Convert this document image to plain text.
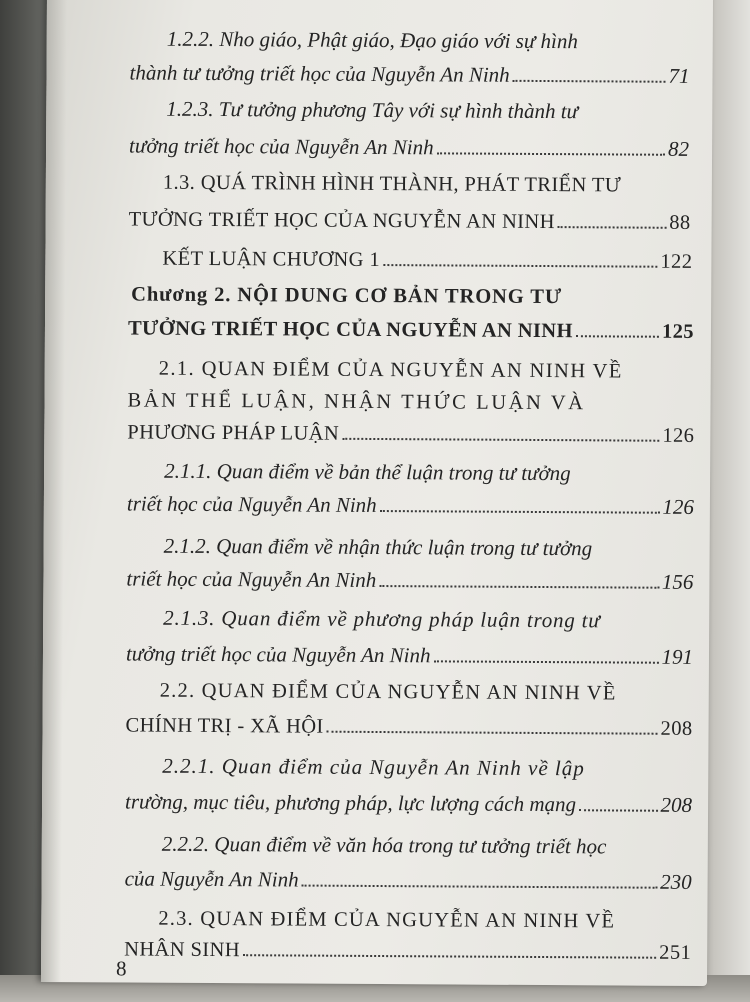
1.2.2. Nho giáo, Phật giáo, Đạo giáo với sự hình
thành tư tưởng triết học của Nguyễn An Ninh	71
1.2.3. Tư tưởng phương Tây với sự hình thành tư
tưởng triết học của Nguyễn An Ninh	82
1.3. QUÁ TRÌNH HÌNH THÀNH, PHÁT TRIỂN TƯ
TƯỞNG TRIẾT HỌC CỦA NGUYỄN AN NINH	88
KẾT LUẬN CHƯƠNG 1	122
Chương 2. NỘI DUNG CƠ BẢN TRONG TƯ
TƯỞNG TRIẾT HỌC CỦA NGUYỄN AN NINH	125
2.1. QUAN ĐIỂM CỦA NGUYỄN AN NINH VỀ
BẢN THỂ LUẬN, NHẬN THỨC LUẬN VÀ
PHƯƠNG PHÁP LUẬN	126
2.1.1. Quan điểm về bản thể luận trong tư tưởng
triết học của Nguyễn An Ninh	126
2.1.2. Quan điểm về nhận thức luận trong tư tưởng
triết học của Nguyễn An Ninh	156
2.1.3. Quan điểm về phương pháp luận trong tư
tưởng triết học của Nguyễn An Ninh	191
2.2. QUAN ĐIỂM CỦA NGUYỄN AN NINH VỀ
CHÍNH TRỊ - XÃ HỘI	208
2.2.1. Quan điểm của Nguyễn An Ninh về lập
trường, mục tiêu, phương pháp, lực lượng cách mạng	208
2.2.2. Quan điểm về văn hóa trong tư tưởng triết học
của Nguyễn An Ninh	230
2.3. QUAN ĐIỂM CỦA NGUYỄN AN NINH VỀ
NHÂN SINH	251
8
